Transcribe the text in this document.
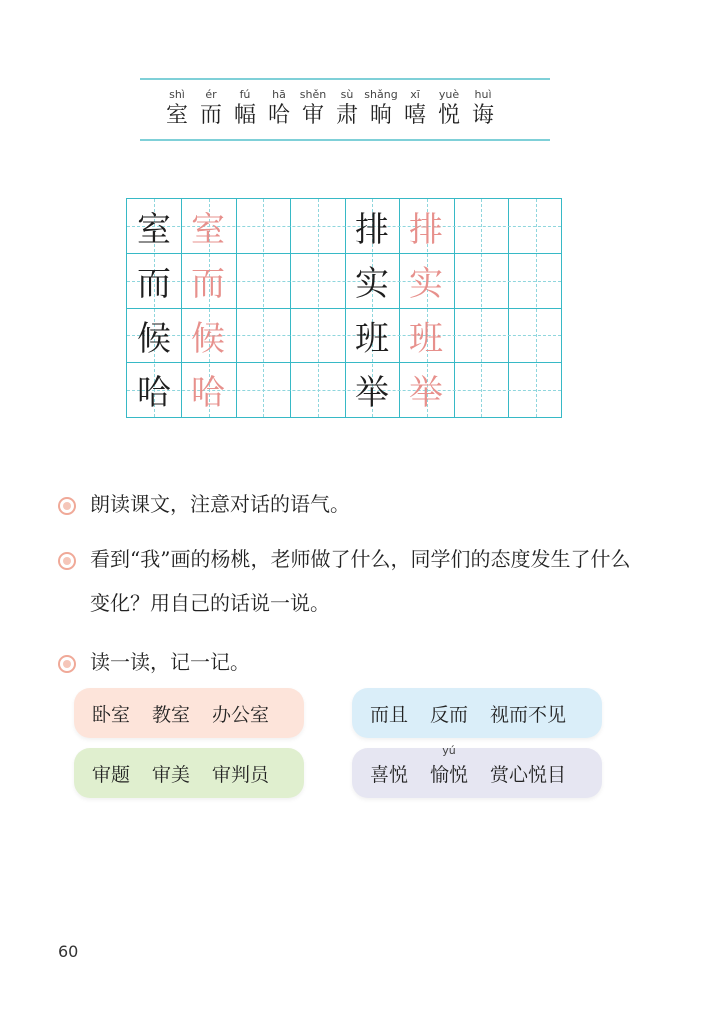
shì
室
ér
而
fú
幅
hā
哈
shěn
审
sù
肃
shǎng
晌
xī
嘻
yuè
悦
huì
诲
室 室
而 而
候 候
哈 哈
排 排
实 实
班 班
举 举
朗读课文，注意对话的语气。
看到“我”画的杨桃，老师做了什么，同学们的态度发生了什么变化？用自己的话说一说。
读一读，记一记。
卧室 教室 办公室	而且 反而 视而不见
审题 审美 审判员	喜悦
yú
愉悦 赏心悦目
60
